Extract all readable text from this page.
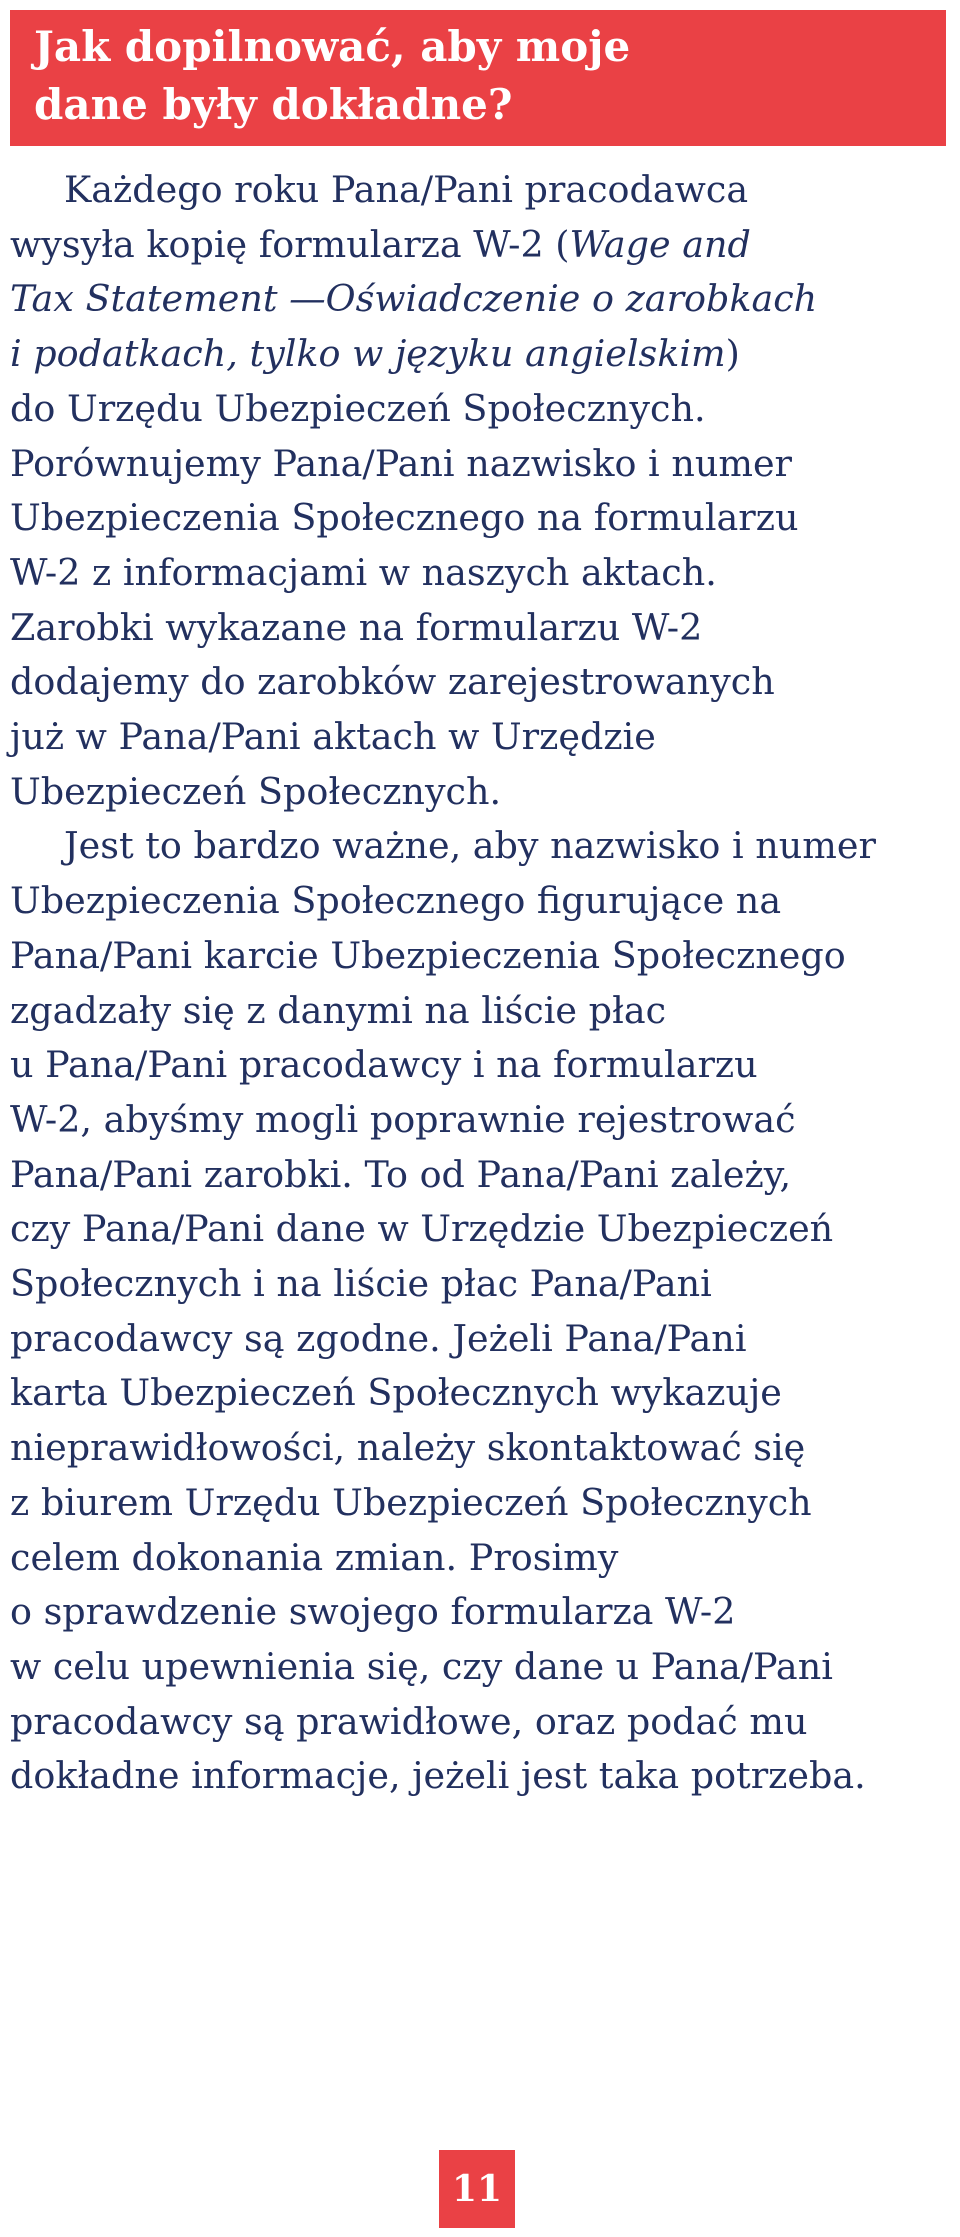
Jak dopilnować, aby moje
dane były dokładne?

Każdego roku Pana/Pani pracodawca
wysyła kopię formularza W-2 (Wage and
Tax Statement —Oświadczenie o zarobkach
i podatkach, tylko w języku angielskim)
do Urzędu Ubezpieczeń Społecznych.
Porównujemy Pana/Pani nazwisko i numer
Ubezpieczenia Społecznego na formularzu
W-2 z informacjami w naszych aktach.
Zarobki wykazane na formularzu W-2
dodajemy do zarobków zarejestrowanych
już w Pana/Pani aktach w Urzędzie
Ubezpieczeń Społecznych.

Jest to bardzo ważne, aby nazwisko i numer
Ubezpieczenia Społecznego figurujące na
Pana/Pani karcie Ubezpieczenia Społecznego
zgadzały się z danymi na liście płac
u Pana/Pani pracodawcy i na formularzu
W-2, abyśmy mogli poprawnie rejestrować
Pana/Pani zarobki. To od Pana/Pani zależy,
czy Pana/Pani dane w Urzędzie Ubezpieczeń
Społecznych i na liście płac Pana/Pani
pracodawcy są zgodne. Jeżeli Pana/Pani
karta Ubezpieczeń Społecznych wykazuje
nieprawidłowości, należy skontaktować się
z biurem Urzędu Ubezpieczeń Społecznych
celem dokonania zmian. Prosimy
o sprawdzenie swojego formularza W-2
w celu upewnienia się, czy dane u Pana/Pani
pracodawcy są prawidłowe, oraz podać mu
dokładne informacje, jeżeli jest taka potrzeba.

11
